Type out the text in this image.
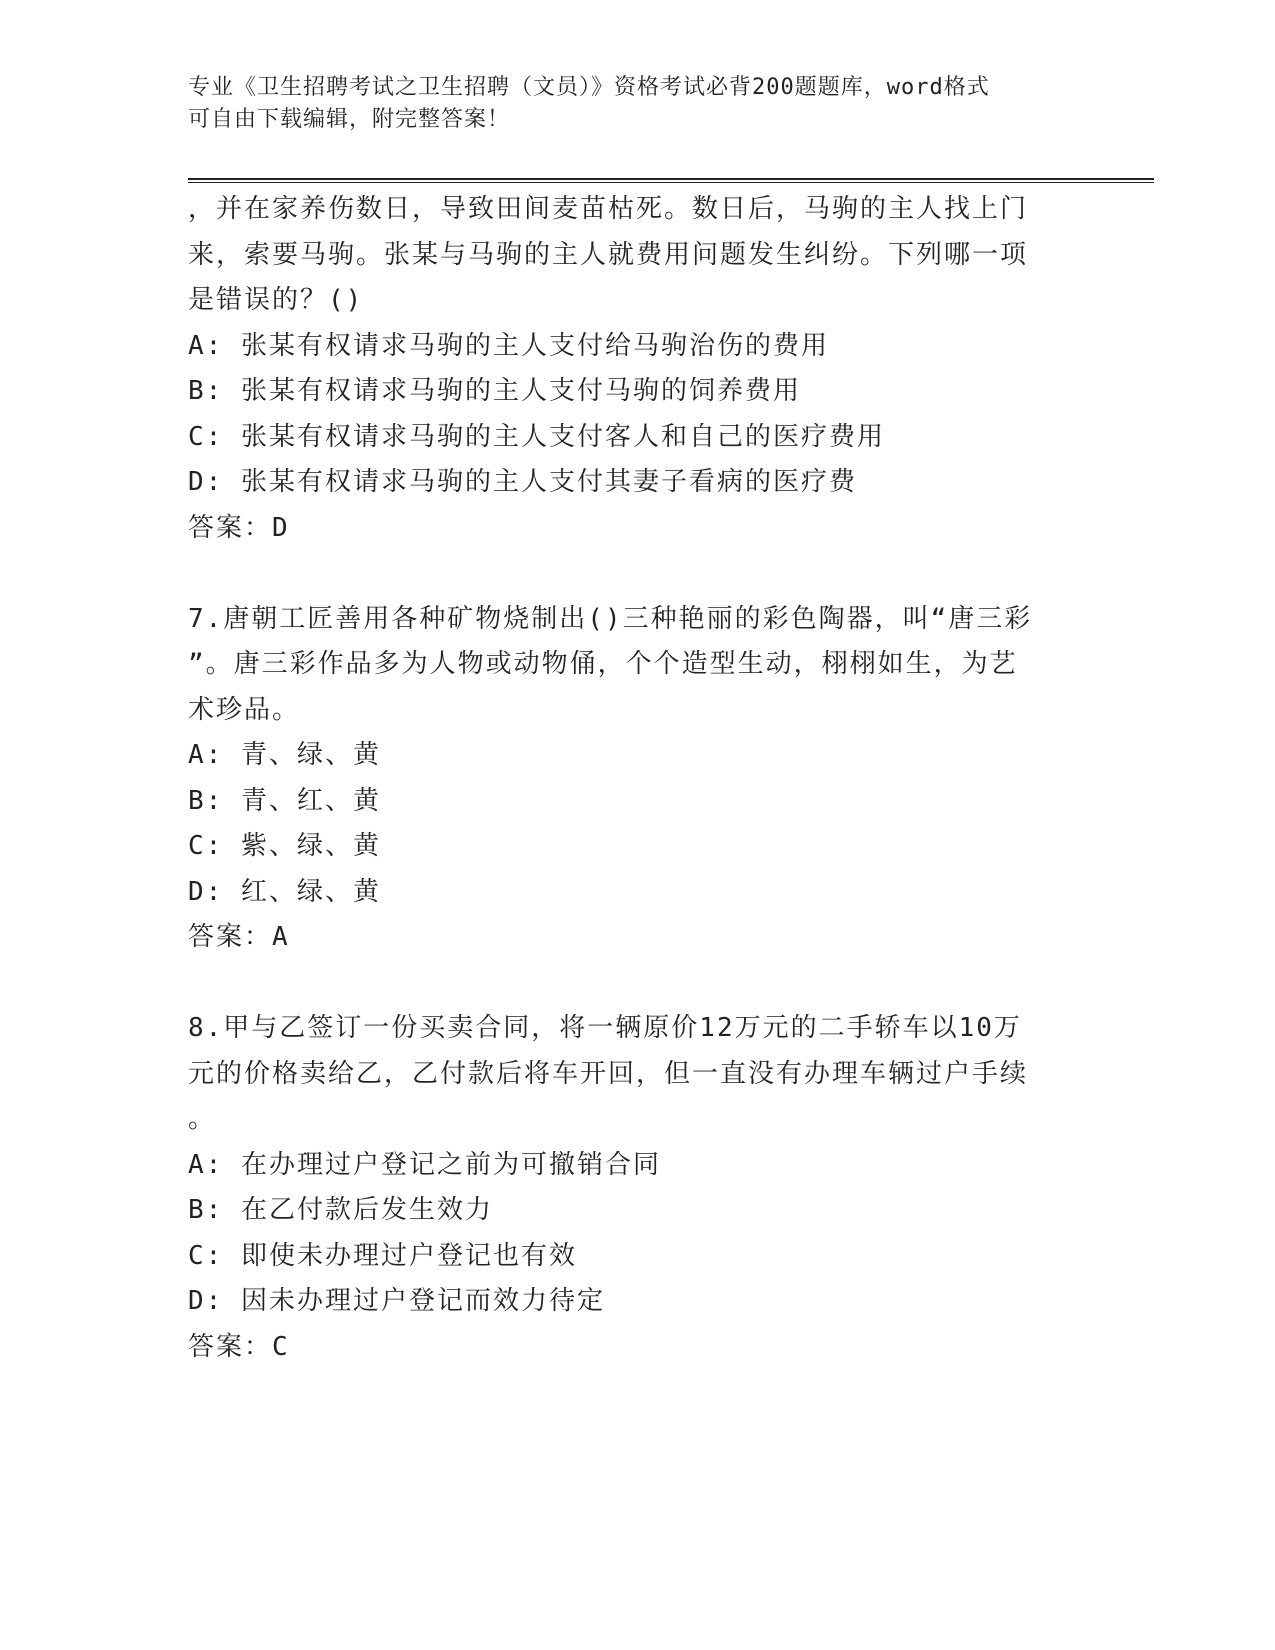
专业《卫生招聘考试之卫生招聘（文员）》资格考试必背200题题库，word格式
可自由下载编辑，附完整答案！
，并在家养伤数日，导致田间麦苗枯死。数日后，马驹的主人找上门
来，索要马驹。张某与马驹的主人就费用问题发生纠纷。下列哪一项
是错误的？()
A: 张某有权请求马驹的主人支付给马驹治伤的费用
B: 张某有权请求马驹的主人支付马驹的饲养费用
C: 张某有权请求马驹的主人支付客人和自己的医疗费用
D: 张某有权请求马驹的主人支付其妻子看病的医疗费
答案：D
7.唐朝工匠善用各种矿物烧制出()三种艳丽的彩色陶器，叫“唐三彩
”。唐三彩作品多为人物或动物俑，个个造型生动，栩栩如生，为艺
术珍品。
A: 青、绿、黄
B: 青、红、黄
C: 紫、绿、黄
D: 红、绿、黄
答案：A
8.甲与乙签订一份买卖合同，将一辆原价12万元的二手轿车以10万
元的价格卖给乙，乙付款后将车开回，但一直没有办理车辆过户手续
。
A: 在办理过户登记之前为可撤销合同
B: 在乙付款后发生效力
C: 即使未办理过户登记也有效
D: 因未办理过户登记而效力待定
答案：C
